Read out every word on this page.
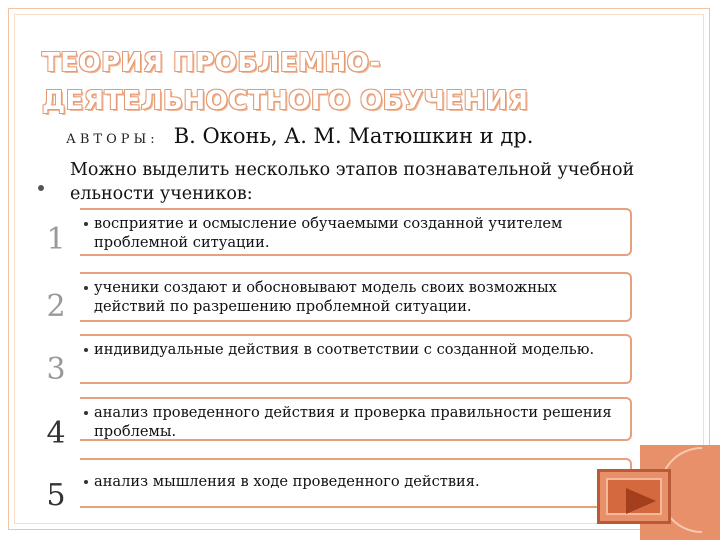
ТЕОРИЯ ПРОБЛЕМНО-ДЕЯТЕЛЬНОСТНОГО ОБУЧЕНИЯ
АВТОРЫ: В. Оконь, А. М. Матюшкин и др.
Можно выделить несколько этапов познавательной учебной ельности учеников:
1	восприятие и осмысление обучаемыми созданной учителем проблемной ситуации.
2
ученики создают и обосновывают модель своих возможных действий по разрешению проблемной ситуации.
3
индивидуальные действия в соответствии с созданной моделью.
4
анализ проведенного действия и проверка правильности решения проблемы.
5	анализ мышления в ходе проведенного действия.
